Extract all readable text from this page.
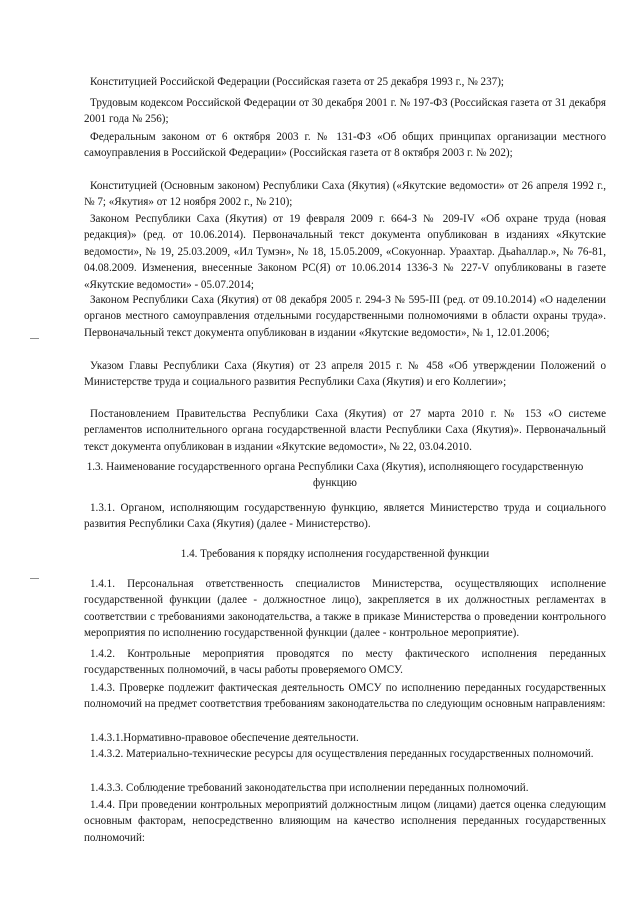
Конституцией Российской Федерации (Российская газета от 25 декабря 1993 г., № 237);

Трудовым кодексом Российской Федерации от 30 декабря 2001 г. № 197-ФЗ (Российская газета от 31 декабря 2001 года № 256);

Федеральным законом от 6 октября 2003 г. № 131-ФЗ «Об общих принципах организации местного самоуправления в Российской Федерации» (Российская газета от 8 октября 2003 г. № 202);

Конституцией (Основным законом) Республики Саха (Якутия) («Якутские ведомости» от 26 апреля 1992 г., № 7; «Якутия» от 12 ноября 2002 г., № 210);

Законом Республики Саха (Якутия) от 19 февраля 2009 г. 664-З № 209-IV «Об охране труда (новая редакция)» (ред. от 10.06.2014). Первоначальный текст документа опубликован в изданиях «Якутские ведомости», № 19, 25.03.2009, «Ил Тумэн», № 18, 15.05.2009, «Сокуоннар. Ураахтар. Дьаһаллар.», № 76-81, 04.08.2009. Изменения, внесенные Законом РС(Я) от 10.06.2014 1336-З № 227-V опубликованы в газете «Якутские ведомости» - 05.07.2014;

Законом Республики Саха (Якутия) от 08 декабря 2005 г. 294-З № 595-III (ред. от 09.10.2014) «О наделении органов местного самоуправления отдельными государственными полномочиями в области охраны труда». Первоначальный текст документа опубликован в издании «Якутские ведомости», № 1, 12.01.2006;

Указом Главы Республики Саха (Якутия) от 23 апреля 2015 г. № 458 «Об утверждении Положений о Министерстве труда и социального развития Республики Саха (Якутия) и его Коллегии»;

Постановлением Правительства Республики Саха (Якутия) от 27 марта 2010 г. № 153 «О системе регламентов исполнительного органа государственной власти Республики Саха (Якутия)». Первоначальный текст документа опубликован в издании «Якутские ведомости», № 22, 03.04.2010.

1.3. Наименование государственного органа Республики Саха (Якутия), исполняющего государственную функцию

1.3.1. Органом, исполняющим государственную функцию, является Министерство труда и социального развития Республики Саха (Якутия) (далее - Министерство).

1.4. Требования к порядку исполнения государственной функции

1.4.1. Персональная ответственность специалистов Министерства, осуществляющих исполнение государственной функции (далее - должностное лицо), закрепляется в их должностных регламентах в соответствии с требованиями законодательства, а также в приказе Министерства о проведении контрольного мероприятия по исполнению государственной функции (далее - контрольное мероприятие).

1.4.2. Контрольные мероприятия проводятся по месту фактического исполнения переданных государственных полномочий, в часы работы проверяемого ОМСУ.

1.4.3. Проверке подлежит фактическая деятельность ОМСУ по исполнению переданных государственных полномочий на предмет соответствия требованиям законодательства по следующим основным направлениям:

1.4.3.1.Нормативно-правовое обеспечение деятельности.

1.4.3.2. Материально-технические ресурсы для осуществления переданных государственных полномочий.

1.4.3.3. Соблюдение требований законодательства при исполнении переданных полномочий.

1.4.4. При проведении контрольных мероприятий должностным лицом (лицами) дается оценка следующим основным факторам, непосредственно влияющим на качество исполнения переданных государственных полномочий:
